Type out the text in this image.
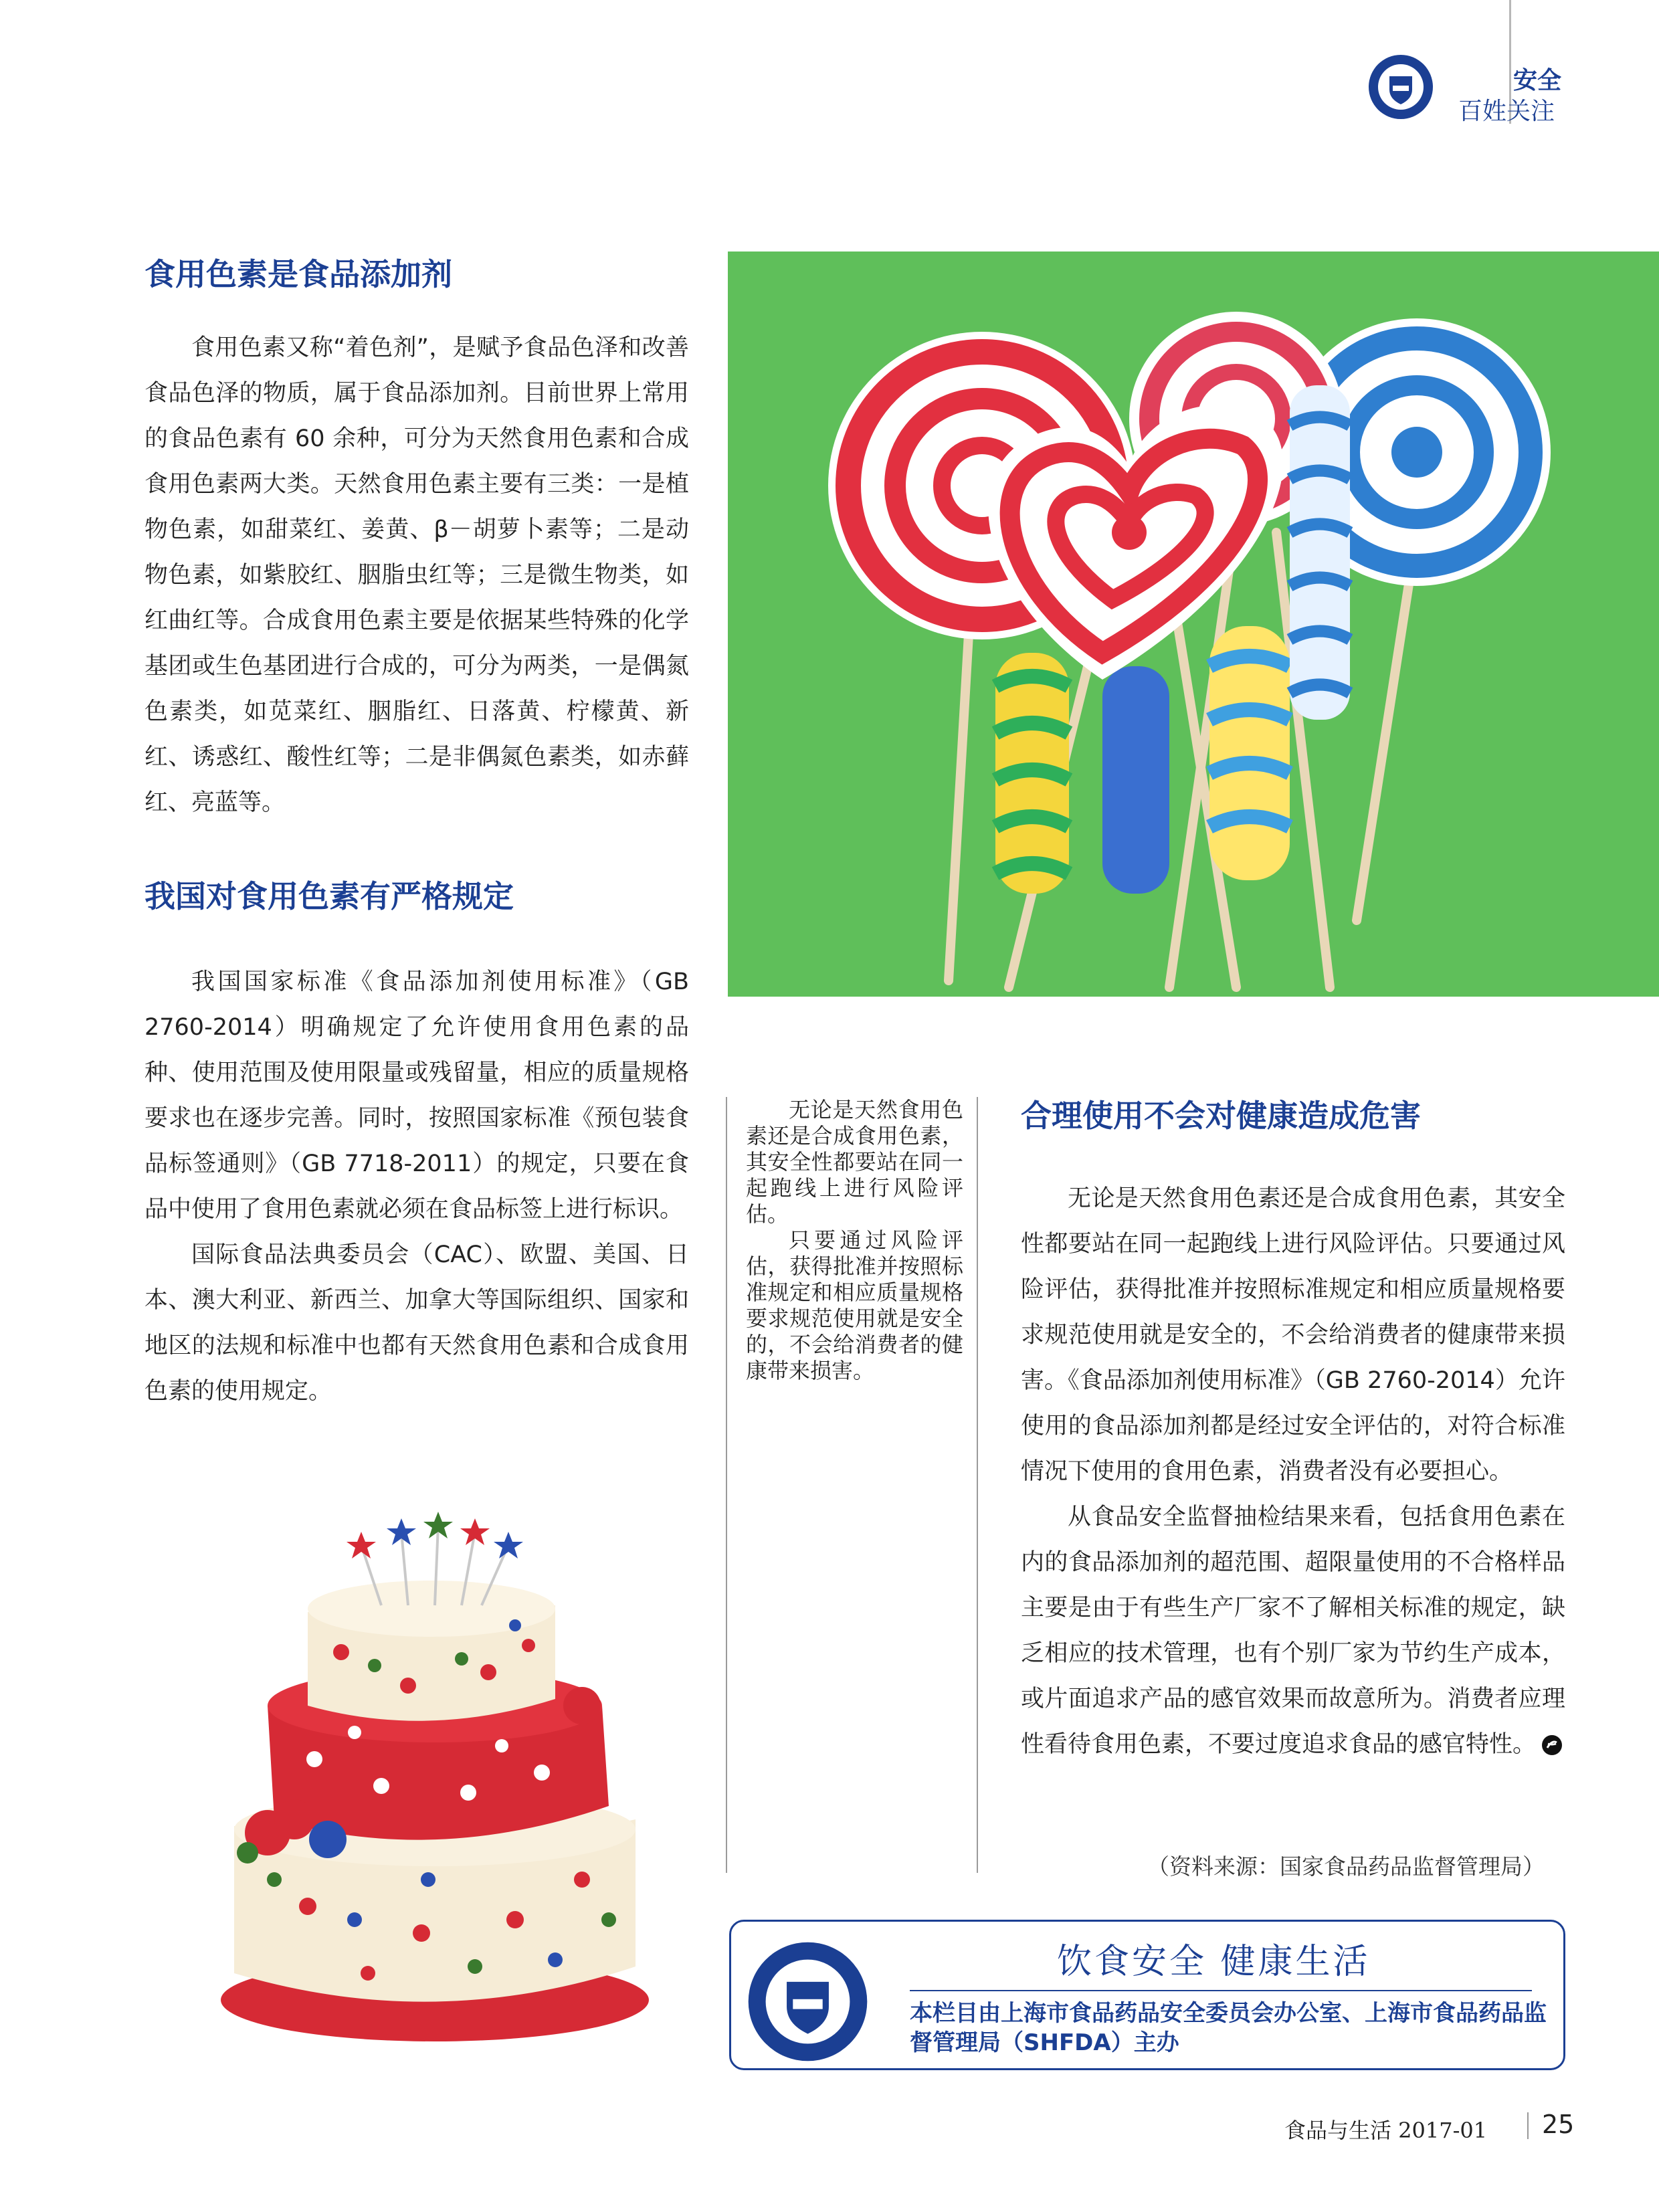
安全
百姓关注
食用色素是食品添加剂

食用色素又称“着色剂”，是赋予食品色泽和改善食品色泽的物质，属于食品添加剂。目前世界上常用的食品色素有 60 余种，可分为天然食用色素和合成食用色素两大类。天然食用色素主要有三类：一是植物色素，如甜菜红、姜黄、β－胡萝卜素等；二是动物色素，如紫胶红、胭脂虫红等；三是微生物类，如红曲红等。合成食用色素主要是依据某些特殊的化学基团或生色基团进行合成的，可分为两类，一是偶氮色素类，如苋菜红、胭脂红、日落黄、柠檬黄、新红、诱惑红、酸性红等；二是非偶氮色素类，如赤藓红、亮蓝等。

我国对食用色素有严格规定

我国国家标准《食品添加剂使用标准》（GB 2760-2014）明确规定了允许使用食用色素的品种、使用范围及使用限量或残留量，相应的质量规格要求也在逐步完善。同时，按照国家标准《预包装食品标签通则》（GB 7718-2011）的规定，只要在食品中使用了食用色素就必须在食品标签上进行标识。

国际食品法典委员会（CAC）、欧盟、美国、日本、澳大利亚、新西兰、加拿大等国际组织、国家和地区的法规和标准中也都有天然食用色素和合成食用色素的使用规定。

无论是天然食用色素还是合成食用色素，其安全性都要站在同一起跑线上进行风险评估。

只要通过风险评估，获得批准并按照标准规定和相应质量规格要求规范使用就是安全的，不会给消费者的健康带来损害。

合理使用不会对健康造成危害

无论是天然食用色素还是合成食用色素，其安全性都要站在同一起跑线上进行风险评估。只要通过风险评估，获得批准并按照标准规定和相应质量规格要求规范使用就是安全的，不会给消费者的健康带来损害。《食品添加剂使用标准》（GB 2760-2014）允许使用的食品添加剂都是经过安全评估的，对符合标准情况下使用的食用色素，消费者没有必要担心。

从食品安全监督抽检结果来看，包括食用色素在内的食品添加剂的超范围、超限量使用的不合格样品主要是由于有些生产厂家不了解相关标准的规定，缺乏相应的技术管理，也有个别厂家为节约生产成本，或片面追求产品的感官效果而故意所为。消费者应理性看待食用色素，不要过度追求食品的感官特性。

（资料来源：国家食品药品监督管理局）
饮食安全 健康生活
本栏目由上海市食品药品安全委员会办公室、上海市食品药品监督管理局（SHFDA）主办
食品与生活 2017-01 25
